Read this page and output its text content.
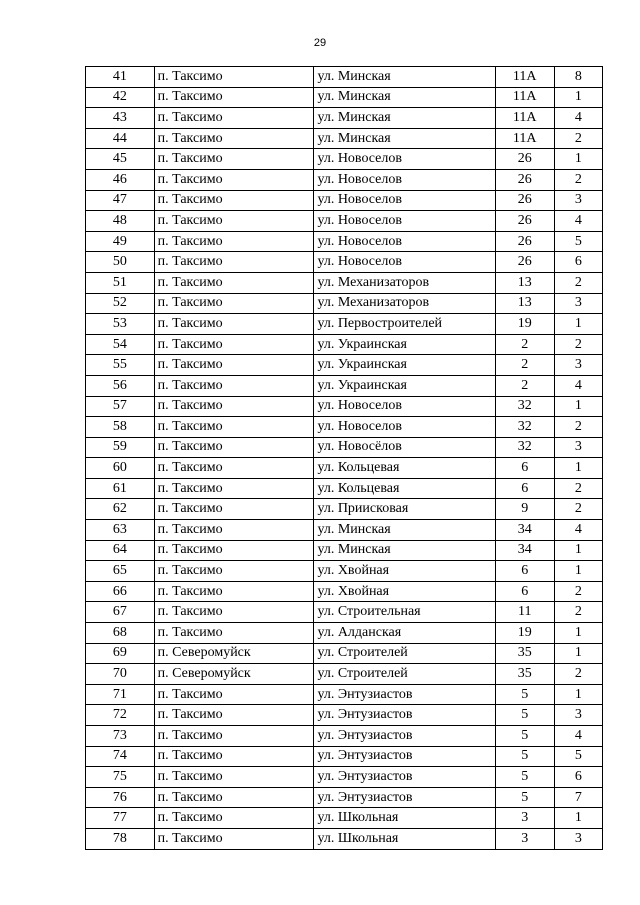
29
41	п. Таксимо	ул. Минская	11А	8
42	п. Таксимо	ул. Минская	11А	1
43	п. Таксимо	ул. Минская	11А	4
44	п. Таксимо	ул. Минская	11А	2
45	п. Таксимо	ул. Новоселов	26	1
46	п. Таксимо	ул. Новоселов	26	2
47	п. Таксимо	ул. Новоселов	26	3
48	п. Таксимо	ул. Новоселов	26	4
49	п. Таксимо	ул. Новоселов	26	5
50	п. Таксимо	ул. Новоселов	26	6
51	п. Таксимо	ул. Механизаторов	13	2
52	п. Таксимо	ул. Механизаторов	13	3
53	п. Таксимо	ул. Первостроителей	19	1
54	п. Таксимо	ул. Украинская	2	2
55	п. Таксимо	ул. Украинская	2	3
56	п. Таксимо	ул. Украинская	2	4
57	п. Таксимо	ул. Новоселов	32	1
58	п. Таксимо	ул. Новоселов	32	2
59	п. Таксимо	ул. Новосёлов	32	3
60	п. Таксимо	ул. Кольцевая	6	1
61	п. Таксимо	ул. Кольцевая	6	2
62	п. Таксимо	ул. Приисковая	9	2
63	п. Таксимо	ул. Минская	34	4
64	п. Таксимо	ул. Минская	34	1
65	п. Таксимо	ул. Хвойная	6	1
66	п. Таксимо	ул. Хвойная	6	2
67	п. Таксимо	ул. Строительная	11	2
68	п. Таксимо	ул. Алданская	19	1
69	п. Северомуйск	ул. Строителей	35	1
70	п. Северомуйск	ул. Строителей	35	2
71	п. Таксимо	ул. Энтузиастов	5	1
72	п. Таксимо	ул. Энтузиастов	5	3
73	п. Таксимо	ул. Энтузиастов	5	4
74	п. Таксимо	ул. Энтузиастов	5	5
75	п. Таксимо	ул. Энтузиастов	5	6
76	п. Таксимо	ул. Энтузиастов	5	7
77	п. Таксимо	ул. Школьная	3	1
78	п. Таксимо	ул. Школьная	3	3
